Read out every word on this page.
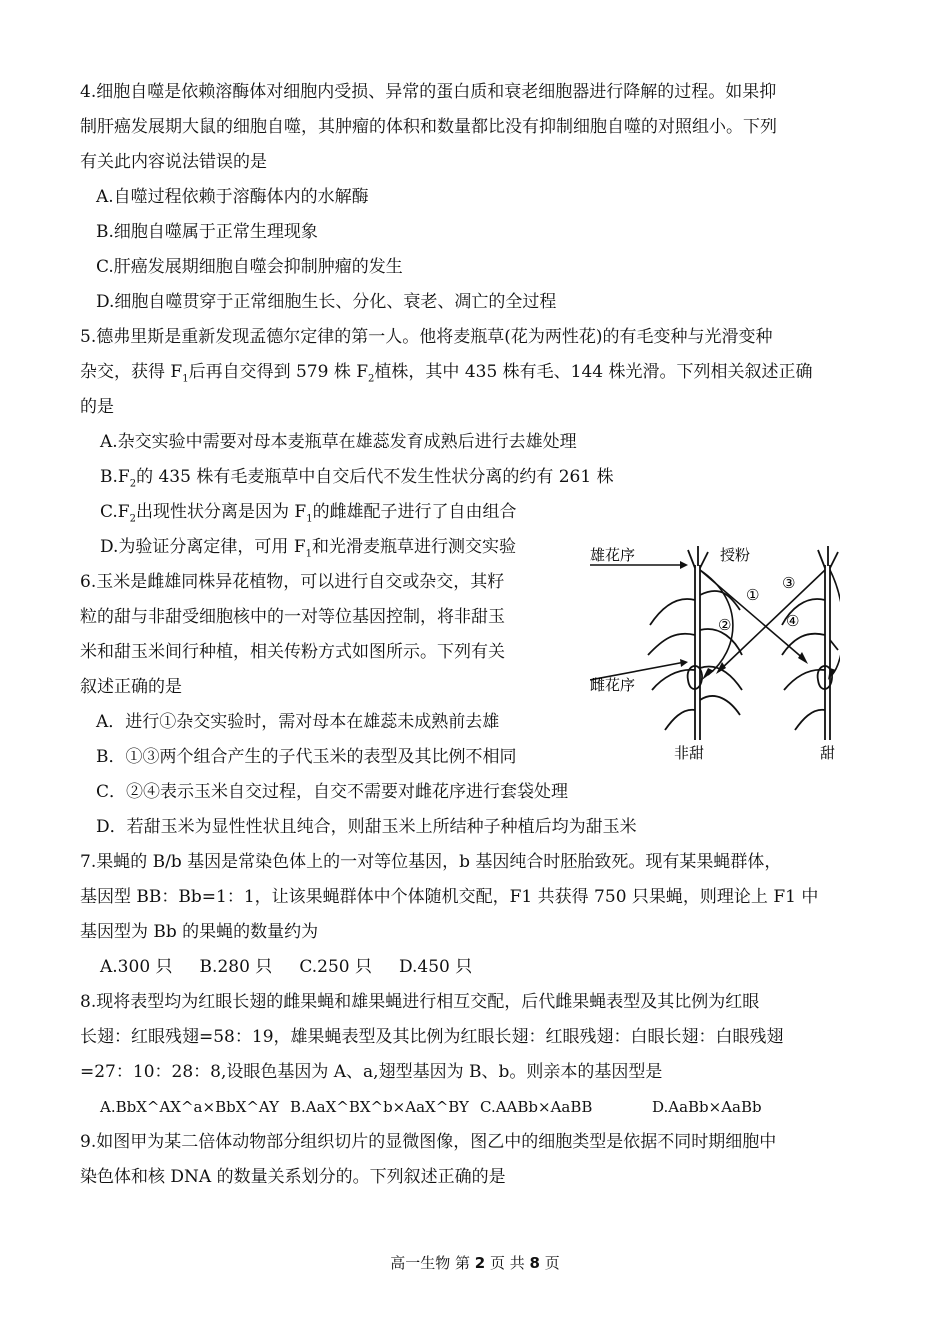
4.细胞自噬是依赖溶酶体对细胞内受损、异常的蛋白质和衰老细胞器进行降解的过程。如果抑
制肝癌发展期大鼠的细胞自噬，其肿瘤的体积和数量都比没有抑制细胞自噬的对照组小。下列
有关此内容说法错误的是
A.自噬过程依赖于溶酶体内的水解酶
B.细胞自噬属于正常生理现象
C.肝癌发展期细胞自噬会抑制肿瘤的发生
D.细胞自噬贯穿于正常细胞生长、分化、衰老、凋亡的全过程
5.德弗里斯是重新发现孟德尔定律的第一人。他将麦瓶草(花为两性花)的有毛变种与光滑变种
杂交，获得 $F_1$后再自交得到 579 株 $F_2$植株，其中 435 株有毛、144 株光滑。下列相关叙述正确
的是
A.杂交实验中需要对母本麦瓶草在雄蕊发育成熟后进行去雄处理
$B.F_2$的 435 株有毛麦瓶草中自交后代不发生性状分离的约有 261 株
$C.F_2$出现性状分离是因为 $F_1$的雌雄配子进行了自由组合
D.为验证分离定律，可用 $F_1$和光滑麦瓶草进行测交实验
6.玉米是雌雄同株异花植物，可以进行自交或杂交，其籽
粒的甜与非甜受细胞核中的一对等位基因控制，将非甜玉
米和甜玉米间行种植，相关传粉方式如图所示。下列有关
叙述正确的是
A．进行①杂交实验时，需对母本在雄蕊未成熟前去雄
B．①③两个组合产生的子代玉米的表型及其比例不相同
C．②④表示玉米自交过程，自交不需要对雌花序进行套袋处理
D．若甜玉米为显性性状且纯合，则甜玉米上所结种子种植后均为甜玉米
雄花序	授粉
雌花序
非甜	甜
①
②
③
④
7.果蝇的 B/b 基因是常染色体上的一对等位基因，b 基因纯合时胚胎致死。现有某果蝇群体，
基因型 BB：Bb=1：1，让该果蝇群体中个体随机交配，F1 共获得 750 只果蝇，则理论上 F1 中
基因型为 Bb 的果蝇的数量约为
A.300 只     B.280 只     C.250 只     D.450 只
8.现将表型均为红眼长翅的雌果蝇和雄果蝇进行相互交配，后代雌果蝇表型及其比例为红眼
长翅：红眼残翅=58：19，雄果蝇表型及其比例为红眼长翅：红眼残翅：白眼长翅：白眼残翅
=27：10：28：8,设眼色基因为 A、a,翅型基因为 B、b。则亲本的基因型是
A.BbX^AX^a×BbX^AY B.AaX^BX^b×AaX^BY C.AABb×AaBB	D.AaBb×AaBb
9.如图甲为某二倍体动物部分组织切片的显微图像，图乙中的细胞类型是依据不同时期细胞中
染色体和核 DNA 的数量关系划分的。下列叙述正确的是
高一生物 第 2 页 共 8 页
